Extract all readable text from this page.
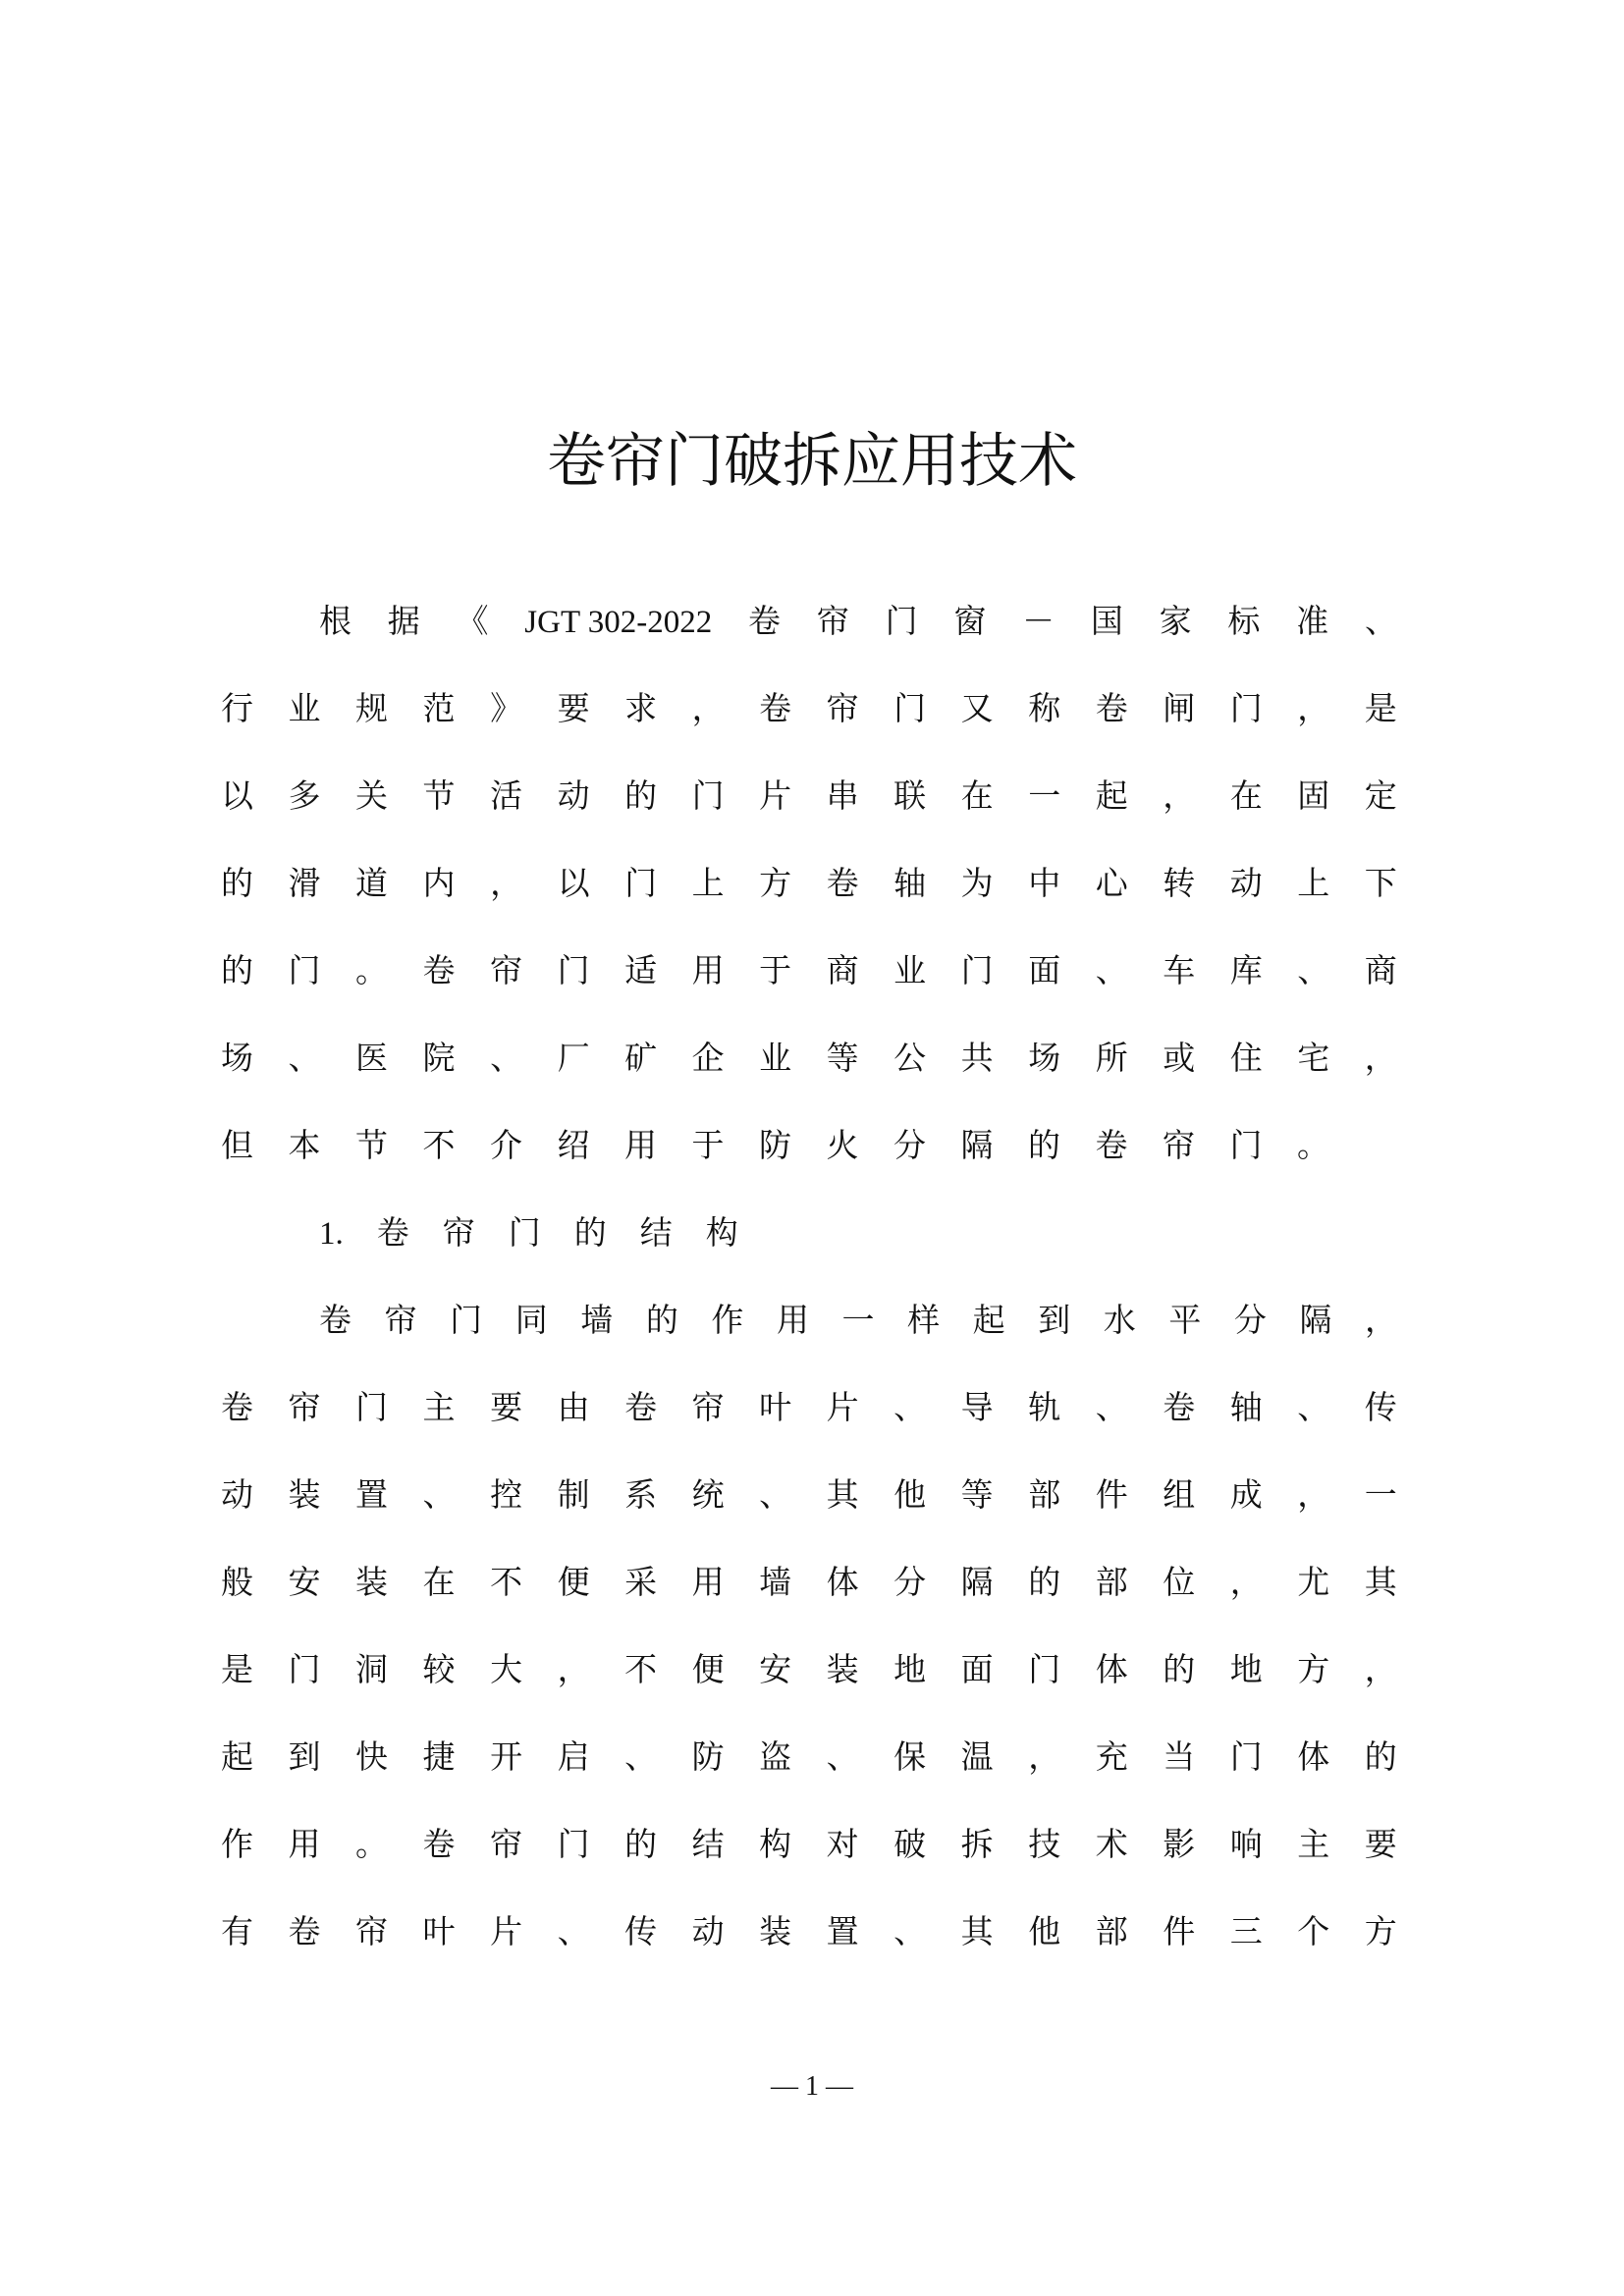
卷帘门破拆应用技术
根 据 《 JGT 302-2022 卷 帘 门 窗 － 国 家 标 准 、
行 业 规 范 》 要 求 ， 卷 帘 门 又 称 卷 闸 门 ， 是
以 多 关 节 活 动 的 门 片 串 联 在 一 起 ， 在 固 定
的 滑 道 内 ， 以 门 上 方 卷 轴 为 中 心 转 动 上 下
的 门 。 卷 帘 门 适 用 于 商 业 门 面 、 车 库 、 商
场 、 医 院 、 厂 矿 企 业 等 公 共 场 所 或 住 宅 ，
但 本 节 不 介 绍 用 于 防 火 分 隔 的 卷 帘 门 。
1. 卷 帘 门 的 结 构
卷 帘 门 同 墙 的 作 用 一 样 起 到 水 平 分 隔 ，
卷 帘 门 主 要 由 卷 帘 叶 片 、 导 轨 、 卷 轴 、 传
动 装 置 、 控 制 系 统 、 其 他 等 部 件 组 成 ， 一
般 安 装 在 不 便 采 用 墙 体 分 隔 的 部 位 ， 尤 其
是 门 洞 较 大 ， 不 便 安 装 地 面 门 体 的 地 方 ，
起 到 快 捷 开 启 、 防 盗 、 保 温 ， 充 当 门 体 的
作 用 。 卷 帘 门 的 结 构 对 破 拆 技 术 影 响 主 要
有 卷 帘 叶 片 、 传 动 装 置 、 其 他 部 件 三 个 方
— 1 —
